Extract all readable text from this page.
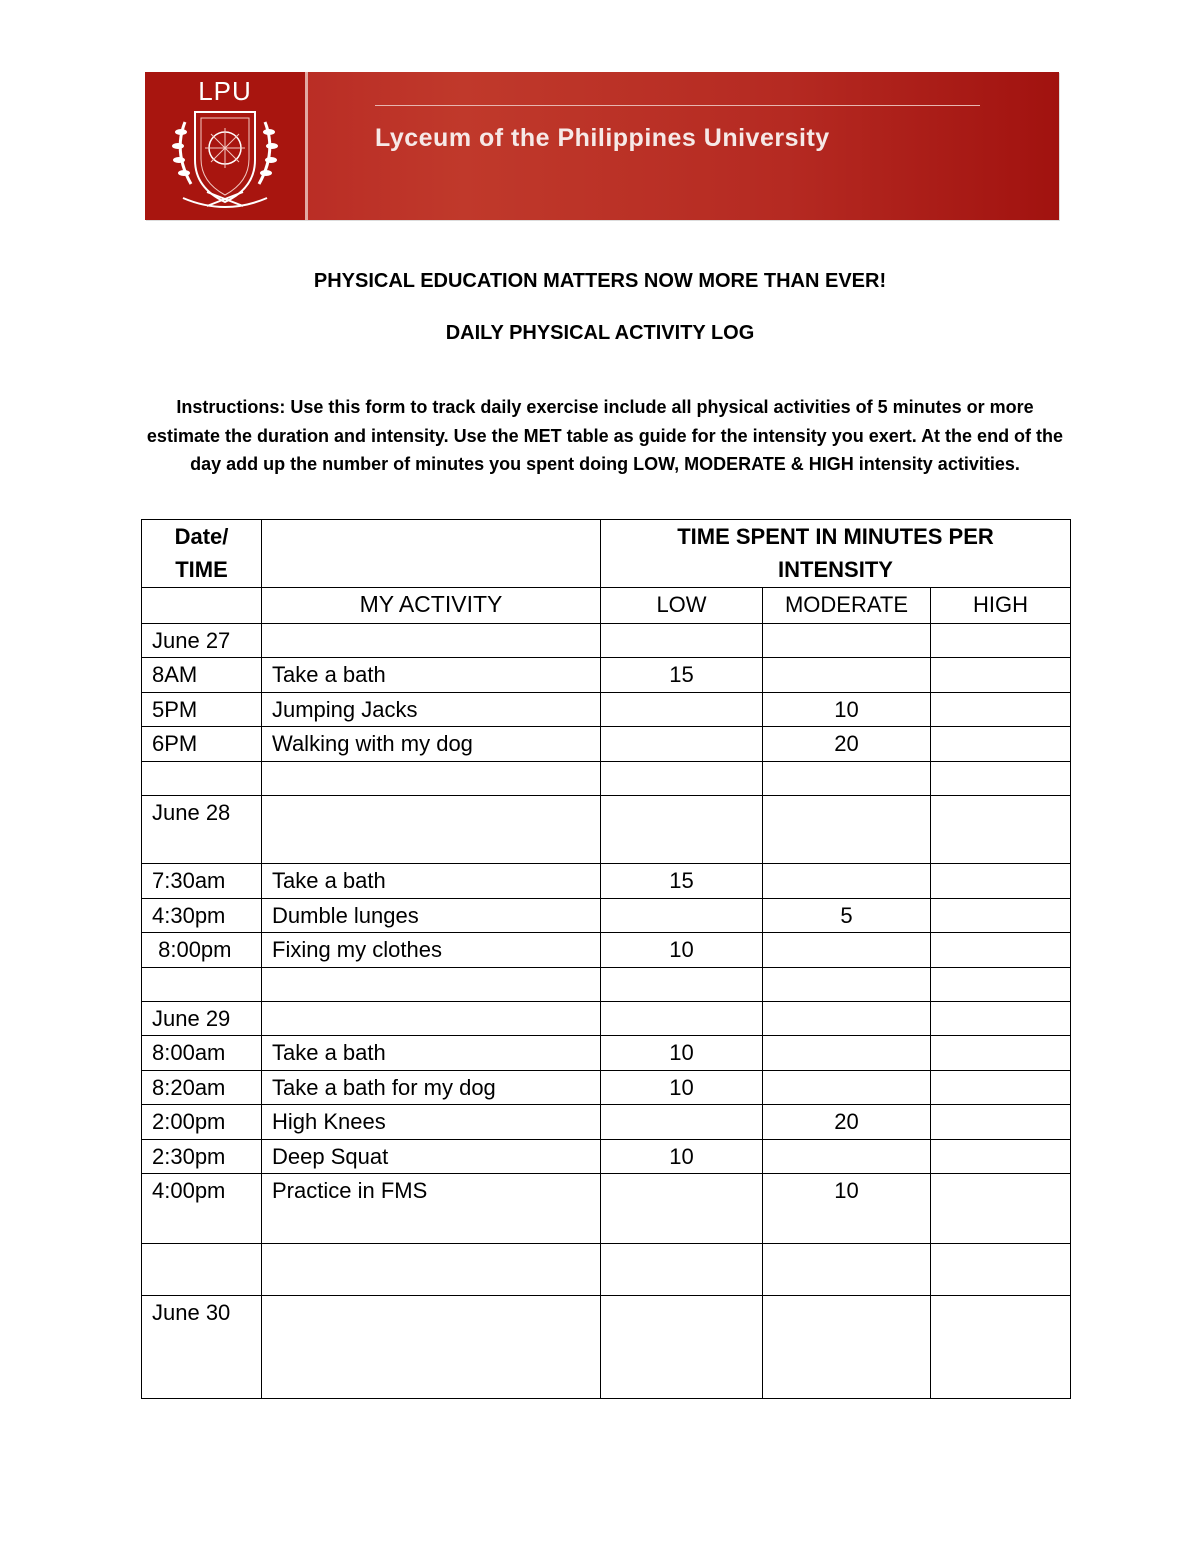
LPU
Lyceum of the Philippines University
PHYSICAL EDUCATION MATTERS NOW MORE THAN EVER!
DAILY PHYSICAL ACTIVITY LOG
Instructions: Use this form to track daily exercise include all physical activities of 5 minutes or more estimate the duration and intensity. Use the MET table as guide for the intensity you exert. At the end of the day add up the number of minutes you spent doing LOW, MODERATE & HIGH intensity activities.
Date/ TIME		TIME SPENT IN MINUTES PER INTENSITY		
	MY ACTIVITY	LOW	MODERATE	HIGH
June 27				
8AM	Take a bath	15		
5PM	Jumping Jacks		10	
6PM	Walking with my dog		20	

June 28				
7:30am	Take a bath	15		
4:30pm	Dumble lunges		5	
8:00pm	Fixing my clothes	10		

June 29				
8:00am	Take a bath	10		
8:20am	Take a bath for my dog	10		
2:00pm	High Knees		20	
2:30pm	Deep Squat	10		
4:00pm	Practice in FMS		10	

June 30				
